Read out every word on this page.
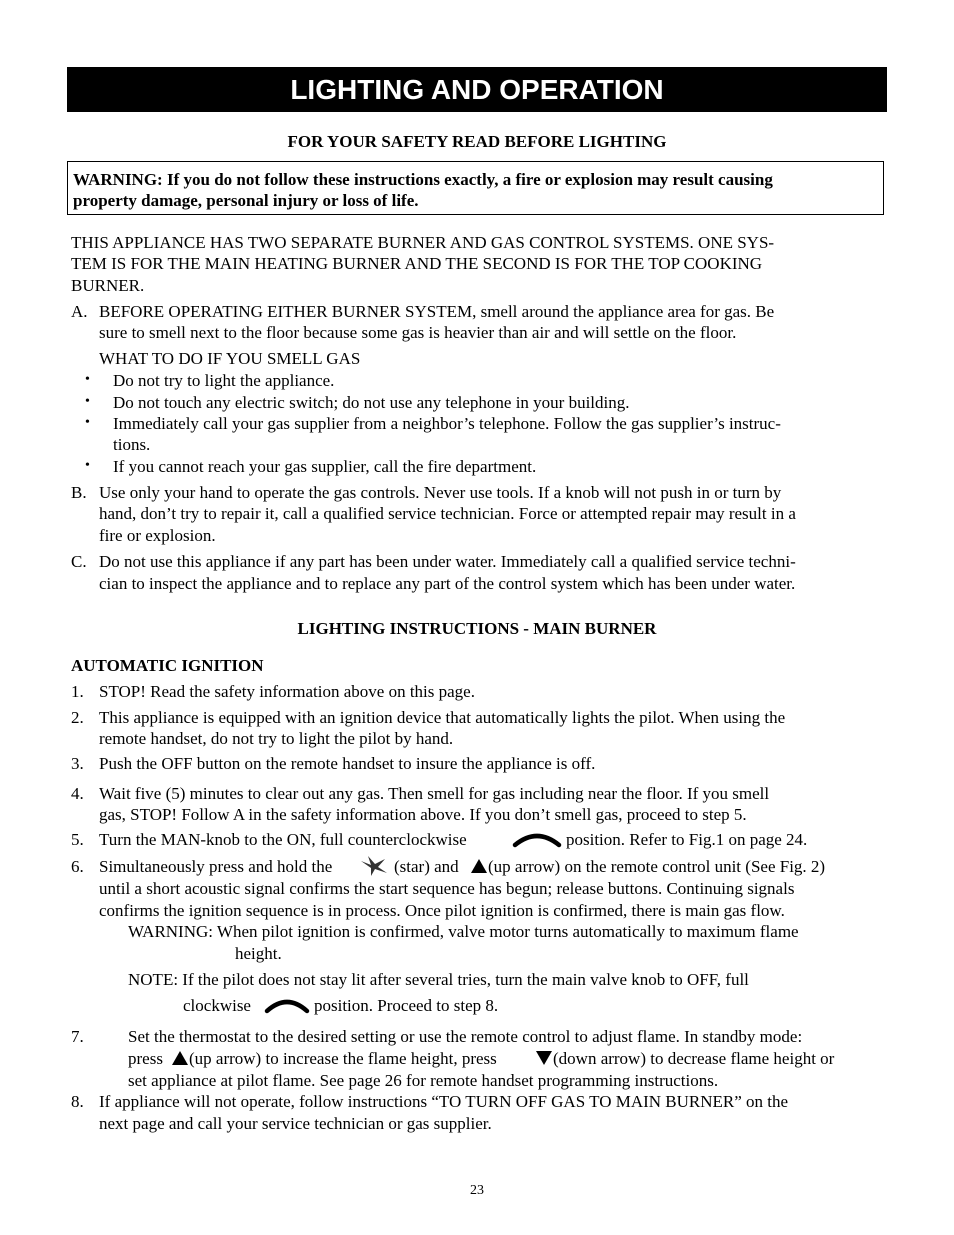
LIGHTING AND OPERATION
FOR YOUR SAFETY READ BEFORE LIGHTING
WARNING: If you do not follow these instructions exactly, a fire or explosion may result causing
property damage, personal injury or loss of life.
THIS APPLIANCE HAS TWO SEPARATE BURNER AND GAS CONTROL SYSTEMS. ONE SYS-
TEM IS FOR THE MAIN HEATING BURNER AND THE SECOND IS FOR THE TOP COOKING
BURNER.
A. BEFORE OPERATING EITHER BURNER SYSTEM, smell around the appliance area for gas. Be
sure to smell next to the floor because some gas is heavier than air and will settle on the floor.
WHAT TO DO IF YOU SMELL GAS
• Do not try to light the appliance.
• Do not touch any electric switch; do not use any telephone in your building.
• Immediately call your gas supplier from a neighbor’s telephone. Follow the gas supplier’s instruc-
tions.
• If you cannot reach your gas supplier, call the fire department.
B. Use only your hand to operate the gas controls. Never use tools. If a knob will not push in or turn by
hand, don’t try to repair it, call a qualified service technician. Force or attempted repair may result in a
fire or explosion.
C. Do not use this appliance if any part has been under water. Immediately call a qualified service techni-
cian to inspect the appliance and to replace any part of the control system which has been under water.
LIGHTING INSTRUCTIONS - MAIN BURNER
AUTOMATIC IGNITION
1. STOP! Read the safety information above on this page.
2. This appliance is equipped with an ignition device that automatically lights the pilot. When using the
remote handset, do not try to light the pilot by hand.
3. Push the OFF button on the remote handset to insure the appliance is off.
4. Wait five (5) minutes to clear out any gas. Then smell for gas including near the floor. If you smell
gas, STOP! Follow A in the safety information above. If you don’t smell gas, proceed to step 5.
5. Turn the MAN-knob to the ON, full counterclockwise	position. Refer to Fig.1 on page 24.
6. Simultaneously press and hold the	(star) and (up arrow) on the remote control unit (See Fig. 2)
until a short acoustic signal confirms the start sequence has begun; release buttons. Continuing signals
confirms the ignition sequence is in process. Once pilot ignition is confirmed, there is main gas flow.
WARNING: When pilot ignition is confirmed, valve motor turns automatically to maximum flame
height.
NOTE: If the pilot does not stay lit after several tries, turn the main valve knob to OFF, full
clockwise	position. Proceed to step 8.
7.	Set the thermostat to the desired setting or use the remote control to adjust flame. In standby mode:
press (up arrow) to increase the flame height, press	(down arrow) to decrease flame height or
set appliance at pilot flame. See page 26 for remote handset programming instructions.
8. If appliance will not operate, follow instructions “TO TURN OFF GAS TO MAIN BURNER” on the
next page and call your service technician or gas supplier.
23
